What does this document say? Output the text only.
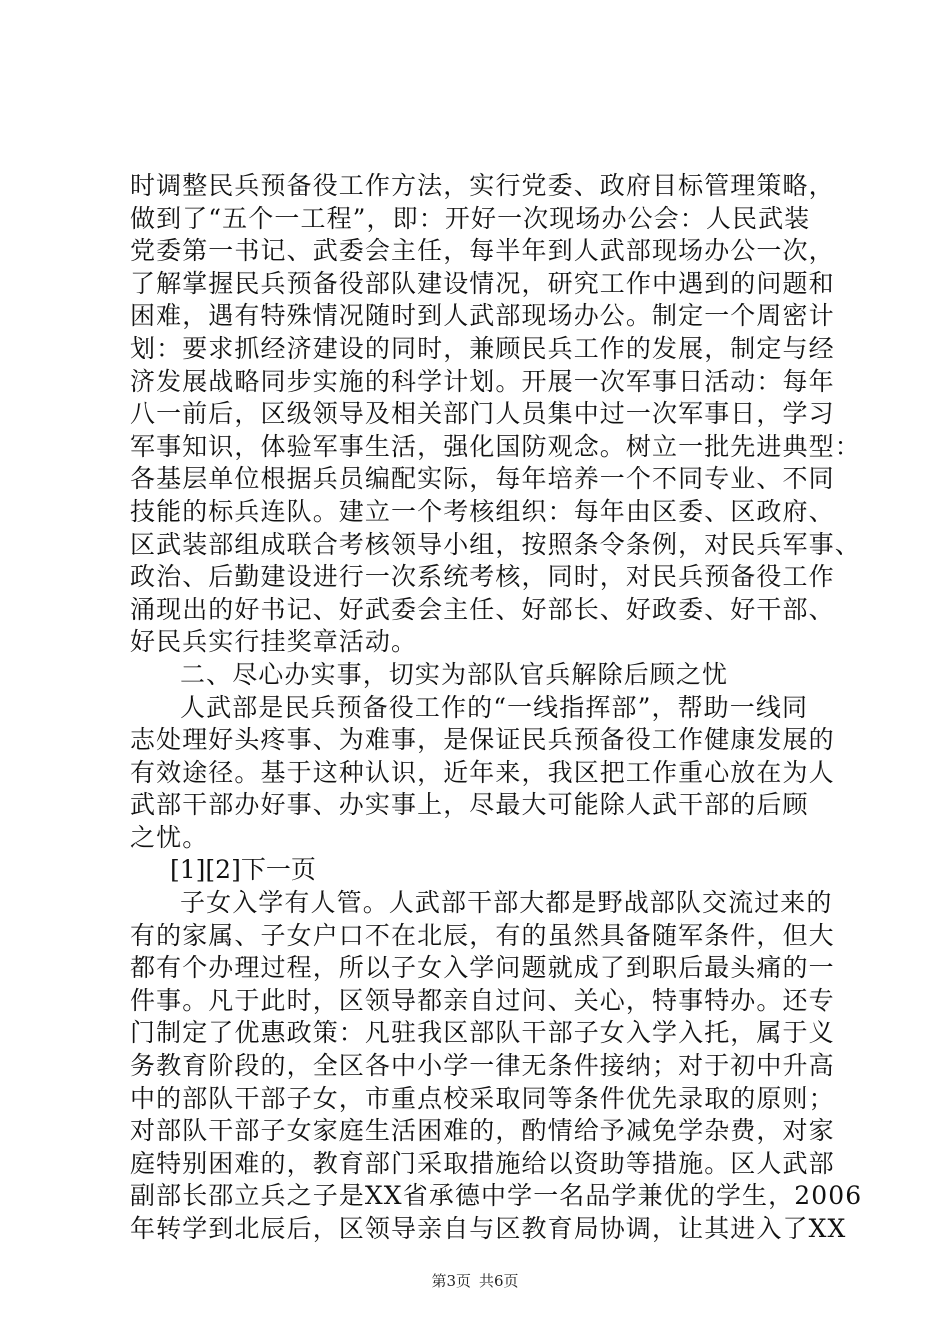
时调整民兵预备役工作方法，实行党委、政府目标管理策略，
做到了“五个一工程”，即：开好一次现场办公会：人民武装
党委第一书记、武委会主任，每半年到人武部现场办公一次，
了解掌握民兵预备役部队建设情况，研究工作中遇到的问题和
困难，遇有特殊情况随时到人武部现场办公。制定一个周密计
划：要求抓经济建设的同时，兼顾民兵工作的发展，制定与经
济发展战略同步实施的科学计划。开展一次军事日活动：每年
八一前后，区级领导及相关部门人员集中过一次军事日，学习
军事知识，体验军事生活，强化国防观念。树立一批先进典型：
各基层单位根据兵员编配实际，每年培养一个不同专业、不同
技能的标兵连队。建立一个考核组织：每年由区委、区政府、
区武装部组成联合考核领导小组，按照条令条例，对民兵军事、
政治、后勤建设进行一次系统考核，同时，对民兵预备役工作
涌现出的好书记、好武委会主任、好部长、好政委、好干部、
好民兵实行挂奖章活动。
二、尽心办实事，切实为部队官兵解除后顾之忧
人武部是民兵预备役工作的“一线指挥部”，帮助一线同
志处理好头疼事、为难事，是保证民兵预备役工作健康发展的
有效途径。基于这种认识，近年来，我区把工作重心放在为人
武部干部办好事、办实事上，尽最大可能除人武干部的后顾
之忧。
[1][2]下一页
子女入学有人管。人武部干部大都是野战部队交流过来的
有的家属、子女户口不在北辰，有的虽然具备随军条件，但大
都有个办理过程，所以子女入学问题就成了到职后最头痛的一
件事。凡于此时，区领导都亲自过问、关心，特事特办。还专
门制定了优惠政策：凡驻我区部队干部子女入学入托，属于义
务教育阶段的，全区各中小学一律无条件接纳；对于初中升高
中的部队干部子女，市重点校采取同等条件优先录取的原则；
对部队干部子女家庭生活困难的，酌情给予减免学杂费，对家
庭特别困难的，教育部门采取措施给以资助等措施。区人武部
副部长邵立兵之子是XX省承德中学一名品学兼优的学生，2006
年转学到北辰后，区领导亲自与区教育局协调，让其进入了XX
第3页 共6页
